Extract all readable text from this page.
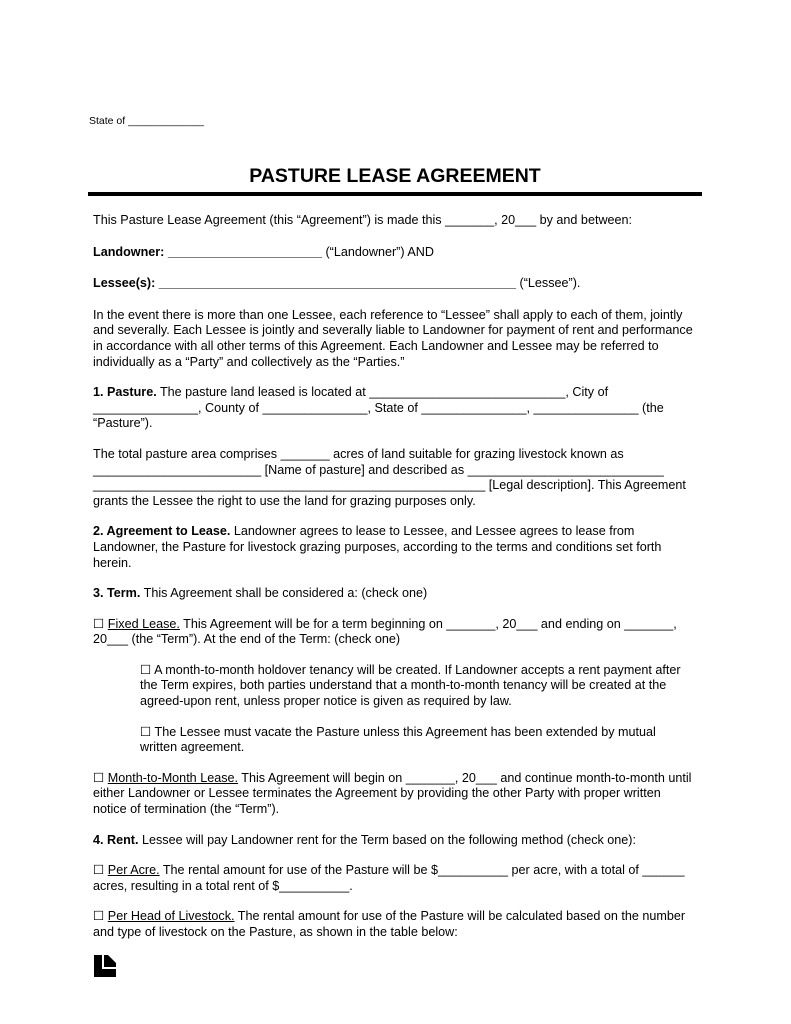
State of _____________
PASTURE LEASE AGREEMENT

This Pasture Lease Agreement (this “Agreement”) is made this _______, 20___ by and between:

Landowner: ______________________ (“Landowner”) AND

Lessee(s): ___________________________________________________ (“Lessee”).

In the event there is more than one Lessee, each reference to “Lessee” shall apply to each of them, jointly and severally. Each Lessee is jointly and severally liable to Landowner for payment of rent and performance in accordance with all other terms of this Agreement. Each Landowner and Lessee may be referred to individually as a “Party” and collectively as the “Parties.”

1. Pasture. The pasture land leased is located at ____________________________, City of _______________, County of _______________, State of _______________, _______________ (the “Pasture”).

The total pasture area comprises _______ acres of land suitable for grazing livestock known as ________________________ [Name of pasture] and described as ____________________________ ________________________________________________________ [Legal description]. This Agreement grants the Lessee the right to use the land for grazing purposes only.

2. Agreement to Lease. Landowner agrees to lease to Lessee, and Lessee agrees to lease from Landowner, the Pasture for livestock grazing purposes, according to the terms and conditions set forth herein.

3. Term. This Agreement shall be considered a: (check one)

☐ Fixed Lease. This Agreement will be for a term beginning on _______, 20___ and ending on _______, 20___ (the “Term”). At the end of the Term: (check one)

☐ A month-to-month holdover tenancy will be created. If Landowner accepts a rent payment after the Term expires, both parties understand that a month-to-month tenancy will be created at the agreed-upon rent, unless proper notice is given as required by law.

☐ The Lessee must vacate the Pasture unless this Agreement has been extended by mutual written agreement.

☐ Month-to-Month Lease. This Agreement will begin on _______, 20___ and continue month-to-month until either Landowner or Lessee terminates the Agreement by providing the other Party with proper written notice of termination (the “Term”).

4. Rent. Lessee will pay Landowner rent for the Term based on the following method (check one):

☐ Per Acre. The rental amount for use of the Pasture will be $__________ per acre, with a total of ______ acres, resulting in a total rent of $__________.

☐ Per Head of Livestock. The rental amount for use of the Pasture will be calculated based on the number and type of livestock on the Pasture, as shown in the table below:
